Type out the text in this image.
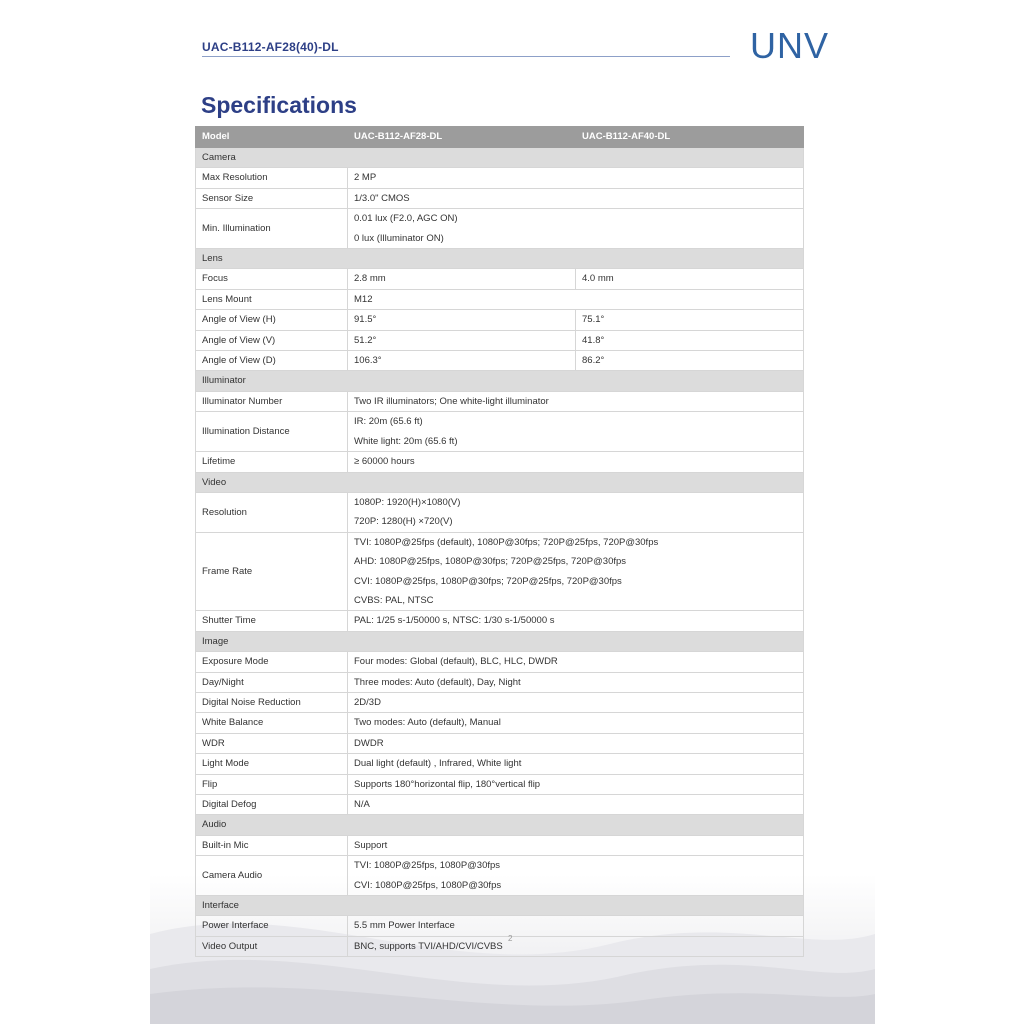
UAC-B112-AF28(40)-DL	UNV
Specifications
Model	UAC-B112-AF28-DL	UAC-B112-AF40-DL
Camera		
Max Resolution	2 MP	

Sensor Size	1/3.0" CMOS	

Min. Illumination	0.01 lux (F2.0, AGC ON)
0 lux (Illuminator ON)	

Lens		
Focus	2.8 mm	4.0 mm
Lens Mount	M12	

Angle of View (H)	91.5°	75.1°
Angle of View (V)	51.2°	41.8°
Angle of View (D)	106.3°	86.2°
Illuminator		
Illuminator Number	Two IR illuminators; One white-light illuminator	

Illumination Distance	IR: 20m (65.6 ft)
White light: 20m (65.6 ft)	

Lifetime	≥ 60000 hours	

Video		
Resolution	1080P: 1920(H)×1080(V)
720P: 1280(H) ×720(V)	

Frame Rate	TVI: 1080P@25fps (default), 1080P@30fps; 720P@25fps, 720P@30fps
AHD: 1080P@25fps, 1080P@30fps; 720P@25fps, 720P@30fps
CVI: 1080P@25fps, 1080P@30fps; 720P@25fps, 720P@30fps
CVBS: PAL, NTSC	

Shutter Time	PAL: 1/25 s-1/50000 s, NTSC: 1/30 s-1/50000 s	

Image		
Exposure Mode	Four modes: Global (default), BLC, HLC, DWDR	

Day/Night	Three modes: Auto (default), Day, Night	

Digital Noise Reduction	2D/3D	

White Balance	Two modes: Auto (default), Manual	

WDR	DWDR	

Light Mode	Dual light (default) , Infrared, White light	

Flip	Supports 180°horizontal flip, 180°vertical flip	

Digital Defog	N/A	

Audio		
Built-in Mic	Support	

Camera Audio	TVI: 1080P@25fps, 1080P@30fps
CVI: 1080P@25fps, 1080P@30fps	

Interface		
Power Interface	5.5 mm Power Interface	

Video Output	BNC, supports TVI/AHD/CVI/CVBS	
2
